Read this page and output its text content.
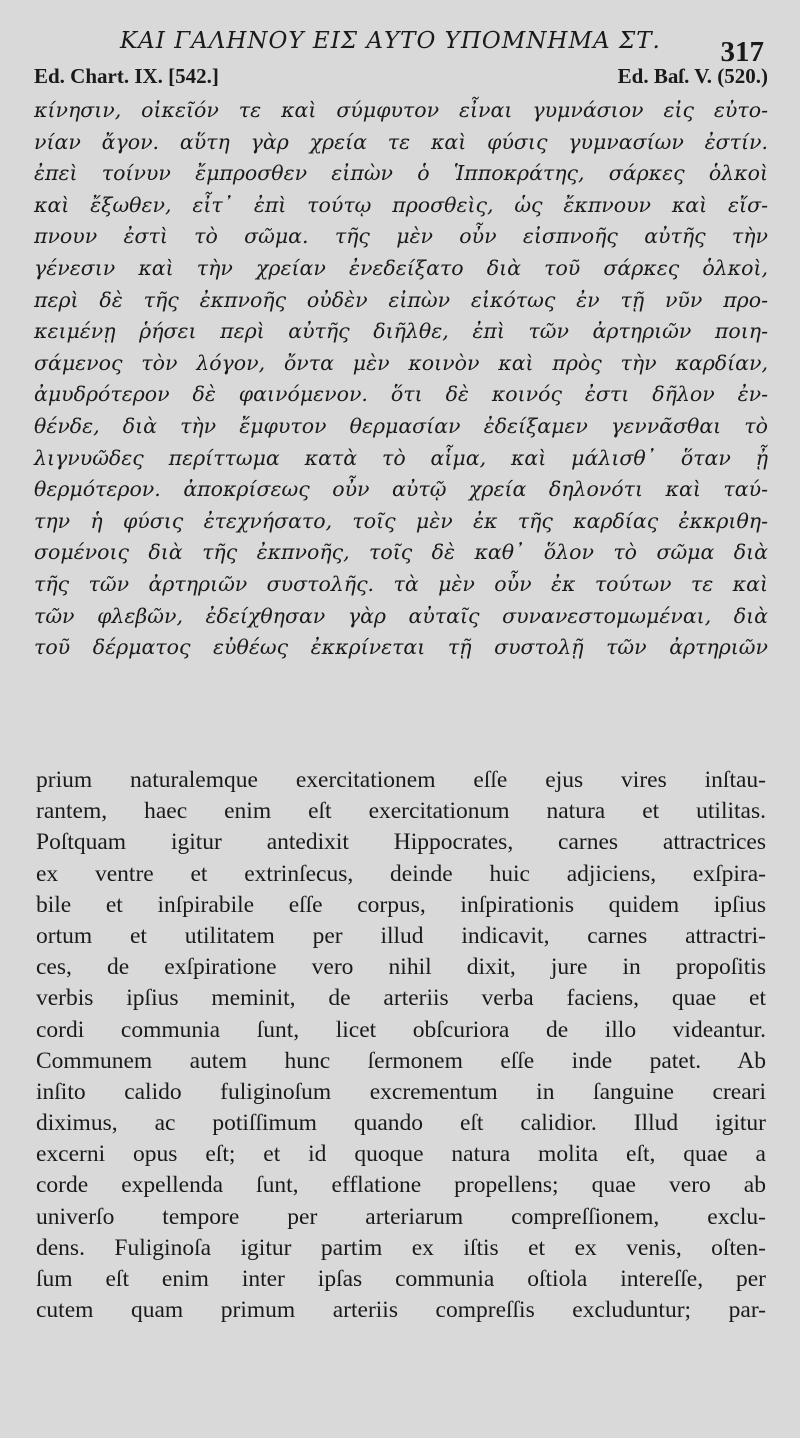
ΚΑΙ ΓΑΛΗΝΟΥ ΕΙΣ ΑΥΤΟ ΥΠΟΜΝΗΜΑ ΣΤ. 317
Ed. Chart. IX. [542.]	Ed. Baſ. V. (520.)
κίνησιν, οἰκεῖόν τε καὶ σύμφυτον εἶναι γυμνάσιον εἰς εὐτο-
νίαν ἄγον. αὕτη γὰρ χρεία τε καὶ φύσις γυμνασίων ἐστίν.
ἐπεὶ τοίνυν ἔμπροσθεν εἰπὼν ὁ Ἱπποκράτης, σάρκες ὁλκοὶ
καὶ ἔξωθεν, εἶτ᾽ ἐπὶ τούτῳ προσθεὶς, ὡς ἔκπνουν καὶ εἴσ-
πνουν ἐστὶ τὸ σῶμα. τῆς μὲν οὖν εἰσπνοῆς αὐτῆς τὴν
γένεσιν καὶ τὴν χρείαν ἐνεδείξατο διὰ τοῦ σάρκες ὁλκοὶ,
περὶ δὲ τῆς ἐκπνοῆς οὐδὲν εἰπὼν εἰκότως ἐν τῇ νῦν προ-
κειμένῃ ῥήσει περὶ αὐτῆς διῆλθε, ἐπὶ τῶν ἀρτηριῶν ποιη-
σάμενος τὸν λόγον, ὄντα μὲν κοινὸν καὶ πρὸς τὴν καρδίαν,
ἀμυδρότερον δὲ φαινόμενον. ὅτι δὲ κοινός ἐστι δῆλον ἐν-
θένδε, διὰ τὴν ἔμφυτον θερμασίαν ἐδείξαμεν γεννᾶσθαι τὸ
λιγνυῶδες περίττωμα κατὰ τὸ αἷμα, καὶ μάλισθ᾽ ὅταν ᾖ
θερμότερον. ἀποκρίσεως οὖν αὐτῷ χρεία δηλονότι καὶ ταύ-
την ἡ φύσις ἐτεχνήσατο, τοῖς μὲν ἐκ τῆς καρδίας ἐκκριθη-
σομένοις διὰ τῆς ἐκπνοῆς, τοῖς δὲ καθ᾽ ὅλον τὸ σῶμα διὰ
τῆς τῶν ἀρτηριῶν συστολῆς. τὰ μὲν οὖν ἐκ τούτων τε καὶ
τῶν φλεβῶν, ἐδείχθησαν γὰρ αὐταῖς συνανεστομωμέναι, διὰ
τοῦ δέρματος εὐθέως ἐκκρίνεται τῇ συστολῇ τῶν ἀρτηριῶν
prium naturalemque exercitationem eſſe ejus vires inſtau-
rantem, haec enim eſt exercitationum natura et utilitas.
Poſtquam igitur antedixit Hippocrates, carnes attractrices
ex ventre et extrinſecus, deinde huic adjiciens, exſpira-
bile et inſpirabile eſſe corpus, inſpirationis quidem ipſius
ortum et utilitatem per illud indicavit, carnes attractri-
ces, de exſpiratione vero nihil dixit, jure in propoſitis
verbis ipſius meminit, de arteriis verba faciens, quae et
cordi communia ſunt, licet obſcuriora de illo videantur.
Communem autem hunc ſermonem eſſe inde patet. Ab
inſito calido fuliginoſum excrementum in ſanguine creari
diximus, ac potiſſimum quando eſt calidior. Illud igitur
excerni opus eſt; et id quoque natura molita eſt, quae a
corde expellenda ſunt, efflatione propellens; quae vero ab
univerſo tempore per arteriarum compreſſionem, exclu-
dens. Fuliginoſa igitur partim ex iſtis et ex venis, oſten-
ſum eſt enim inter ipſas communia oſtiola intereſſe, per
cutem quam primum arteriis compreſſis excluduntur; par-
